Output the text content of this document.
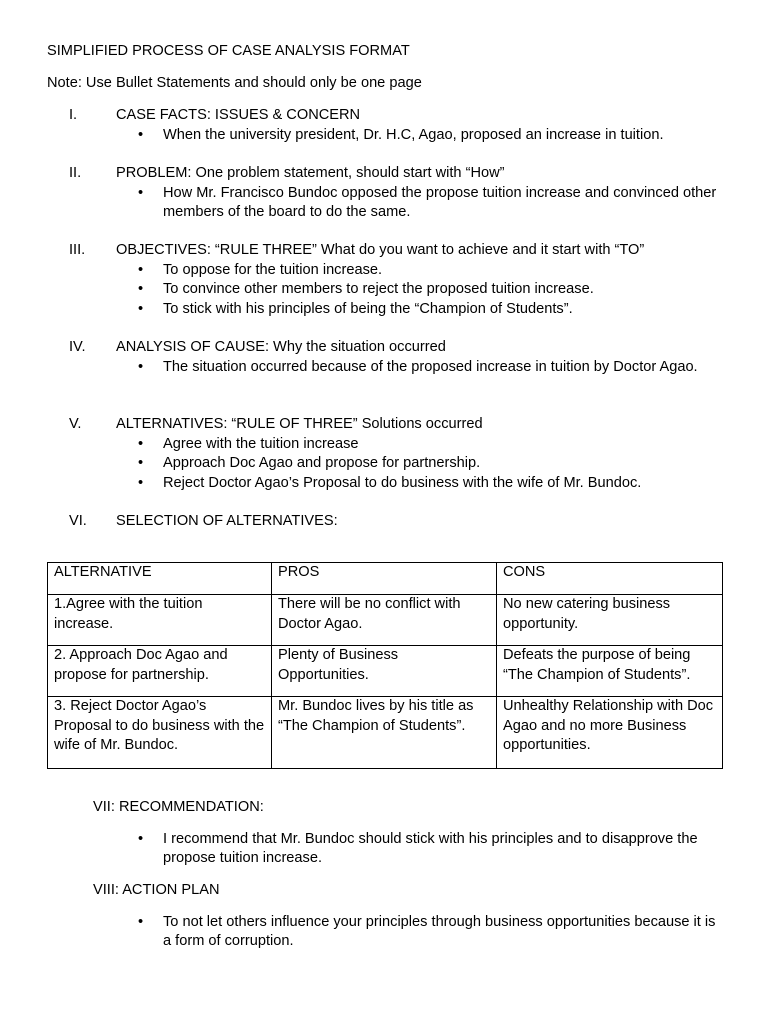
SIMPLIFIED PROCESS OF CASE ANALYSIS FORMAT
Note: Use Bullet Statements and should only be one page
I.	CASE FACTS: ISSUES & CONCERN
• When the university president, Dr. H.C, Agao, proposed an increase in tuition.
II. PROBLEM: One problem statement, should start with “How”
• How Mr. Francisco Bundoc opposed the propose tuition increase and convinced other members of the board to do the same.
III. OBJECTIVES: “RULE THREE” What do you want to achieve and it start with “TO”
• To oppose for the tuition increase.
• To convince other members to reject the proposed tuition increase.
• To stick with his principles of being the “Champion of Students”.
IV. ANALYSIS OF CAUSE: Why the situation occurred
• The situation occurred because of the proposed increase in tuition by Doctor Agao.
V. ALTERNATIVES: “RULE OF THREE” Solutions occurred
• Agree with the tuition increase
• Approach Doc Agao and propose for partnership.
• Reject Doctor Agao’s Proposal to do business with the wife of Mr. Bundoc.
VI. SELECTION OF ALTERNATIVES:
ALTERNATIVE	PROS	CONS
1.Agree with the tuition increase.	There will be no conflict with Doctor Agao.	No new catering business opportunity.
2. Approach Doc Agao and propose for partnership.	Plenty of Business Opportunities.	Defeats the purpose of being “The Champion of Students”.
3. Reject Doctor Agao’s Proposal to do business with the wife of Mr. Bundoc.	Mr. Bundoc lives by his title as “The Champion of Students”.	Unhealthy Relationship with Doc Agao and no more Business opportunities.
VII: RECOMMENDATION:
• I recommend that Mr. Bundoc should stick with his principles and to disapprove the propose tuition increase.
VIII: ACTION PLAN
• To not let others influence your principles through business opportunities because it is a form of corruption.
